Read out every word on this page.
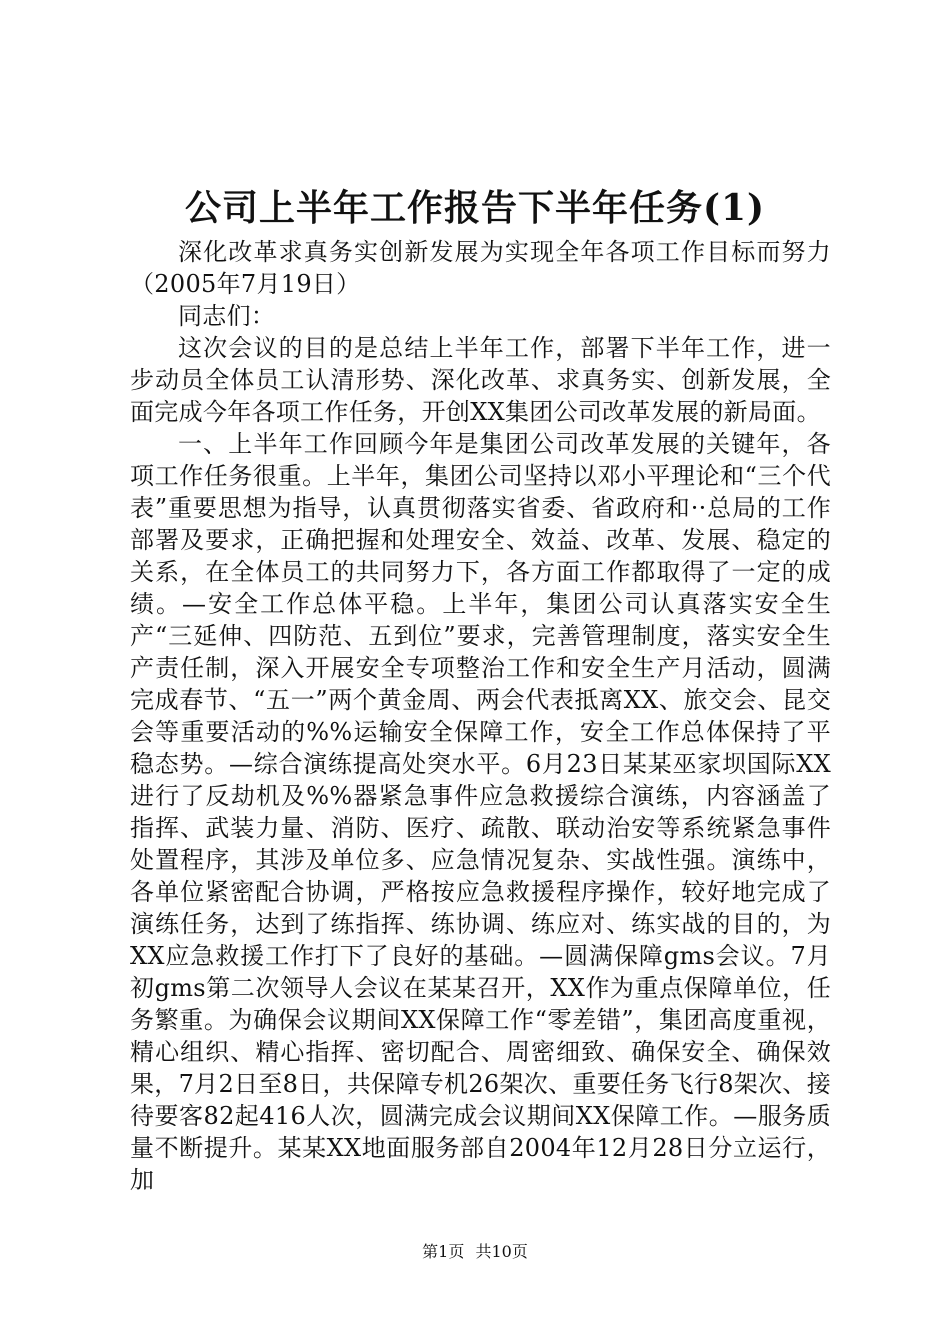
公司上半年工作报告下半年任务(1)

深化改革求真务实创新发展为实现全年各项工作目标而努力（2005年7月19日）

同志们：

这次会议的目的是总结上半年工作，部署下半年工作，进一步动员全体员工认清形势、深化改革、求真务实、创新发展，全面完成今年各项工作任务，开创XX集团公司改革发展的新局面。

一、上半年工作回顾今年是集团公司改革发展的关键年，各项工作任务很重。上半年，集团公司坚持以邓小平理论和“三个代表”重要思想为指导，认真贯彻落实省委、省政府和··总局的工作部署及要求，正确把握和处理安全、效益、改革、发展、稳定的关系，在全体员工的共同努力下，各方面工作都取得了一定的成绩。—安全工作总体平稳。上半年，集团公司认真落实安全生产“三延伸、四防范、五到位”要求，完善管理制度，落实安全生产责任制，深入开展安全专项整治工作和安全生产月活动，圆满完成春节、“五一”两个黄金周、两会代表抵离XX、旅交会、昆交会等重要活动的%%运输安全保障工作，安全工作总体保持了平稳态势。—综合演练提高处突水平。6月23日某某巫家坝国际XX进行了反劫机及%%器紧急事件应急救援综合演练，内容涵盖了指挥、武装力量、消防、医疗、疏散、联动治安等系统紧急事件处置程序，其涉及单位多、应急情况复杂、实战性强。演练中，各单位紧密配合协调，严格按应急救援程序操作，较好地完成了演练任务，达到了练指挥、练协调、练应对、练实战的目的，为XX应急救援工作打下了良好的基础。—圆满保障gms会议。7月初gms第二次领导人会议在某某召开，XX作为重点保障单位，任务繁重。为确保会议期间XX保障工作“零差错”，集团高度重视，精心组织、精心指挥、密切配合、周密细致、确保安全、确保效果，7月2日至8日，共保障专机26架次、重要任务飞行8架次、接待要客82起416人次，圆满完成会议期间XX保障工作。—服务质量不断提升。某某XX地面服务部自2004年12月28日分立运行，加

第1页 共10页
